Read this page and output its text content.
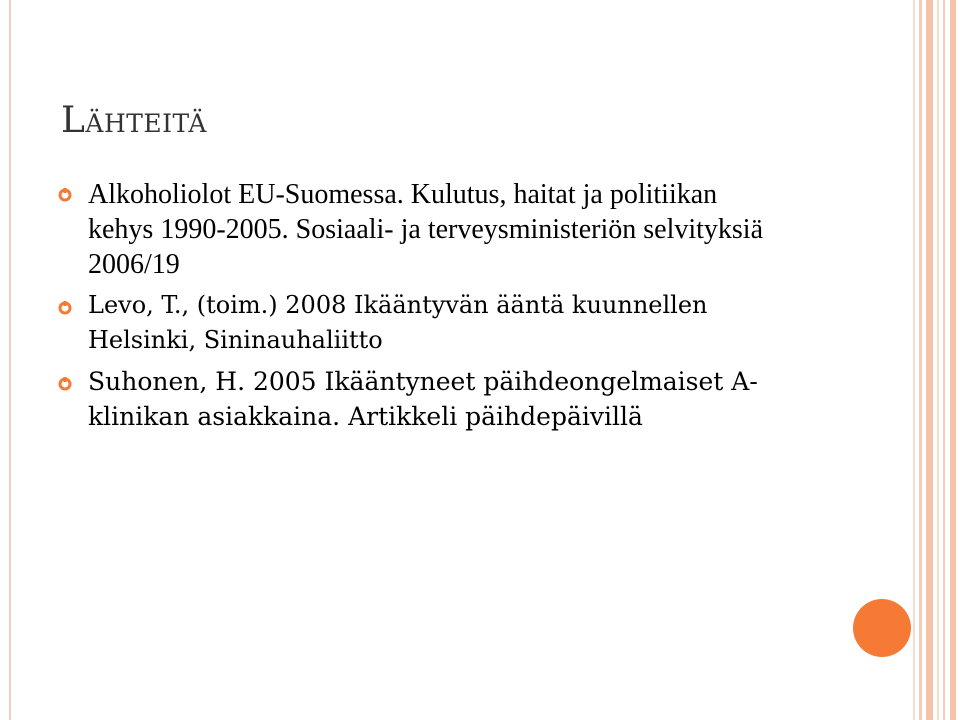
Lähteitä
Alkoholiolot EU-Suomessa. Kulutus, haitat ja politiikan kehys 1990-2005. Sosiaali- ja terveysministeriön selvityksiä 2006/19
Levo, T., (toim.) 2008 Ikääntyvän ääntä kuunnellen Helsinki, Sininauhaliitto
Suhonen, H. 2005 Ikääntyneet päihdeongelmaiset A-klinikan asiakkaina. Artikkeli päihdepäivillä
